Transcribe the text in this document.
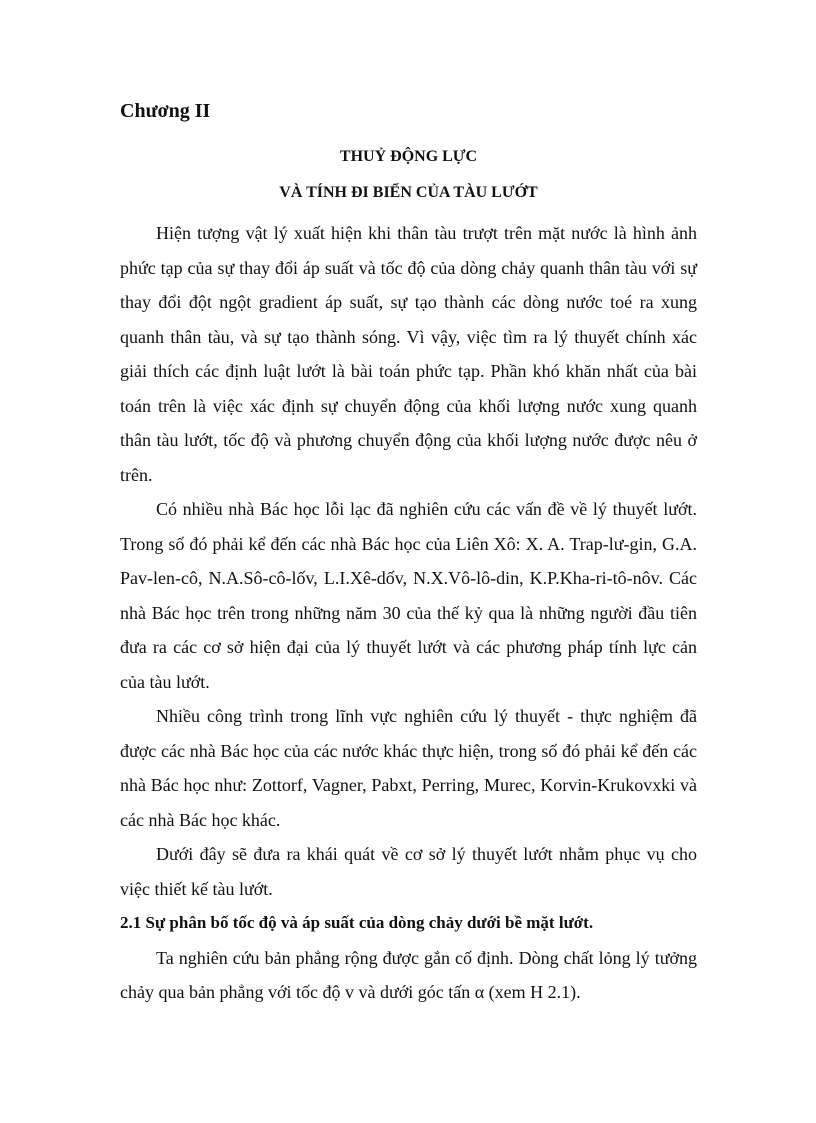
Chương II
THUỶ ĐỘNG LỰC
VÀ TÍNH ĐI BIỂN CỦA TÀU LƯỚT

Hiện tượng vật lý xuất hiện khi thân tàu trượt trên mặt nước là hình ảnh phức tạp của sự thay đổi áp suất và tốc độ của dòng chảy quanh thân tàu với sự thay đổi đột ngột gradient áp suất, sự tạo thành các dòng nước toé ra xung quanh thân tàu, và sự tạo thành sóng. Vì vậy, việc tìm ra lý thuyết chính xác giải thích các định luật lướt là bài toán phức tạp. Phần khó khăn nhất của bài toán trên là việc xác định sự chuyển động của khối lượng nước xung quanh thân tàu lướt, tốc độ và phương chuyển động của khối lượng nước được nêu ở trên.

Có nhiều nhà Bác học lỗi lạc đã nghiên cứu các vấn đề về lý thuyết lướt. Trong số đó phải kể đến các nhà Bác học của Liên Xô: X. A. Trap-lư-gin, G.A. Pav-len-cô, N.A.Sô-cô-lốv, L.I.Xê-dốv, N.X.Vô-lô-din, K.P.Kha-ri-tô-nôv. Các nhà Bác học trên trong những năm 30 của thế kỷ qua là những người đầu tiên đưa ra các cơ sở hiện đại của lý thuyết lướt và các phương pháp tính lực cản của tàu lướt.

Nhiều công trình trong lĩnh vực nghiên cứu lý thuyết - thực nghiệm đã được các nhà Bác học của các nước khác thực hiện, trong số đó phải kể đến các nhà Bác học như: Zottorf, Vagner, Pabxt, Perring, Murec, Korvin-Krukovxki và các nhà Bác học khác.

Dưới đây sẽ đưa ra khái quát về cơ sở lý thuyết lướt nhằm phục vụ cho việc thiết kế tàu lướt.

2.1 Sự phân bố tốc độ và áp suất của dòng chảy dưới bề mặt lướt.

Ta nghiên cứu bản phẳng rộng được gắn cố định. Dòng chất lỏng lý tưởng chảy qua bản phẳng với tốc độ v và dưới góc tấn α (xem H 2.1).
